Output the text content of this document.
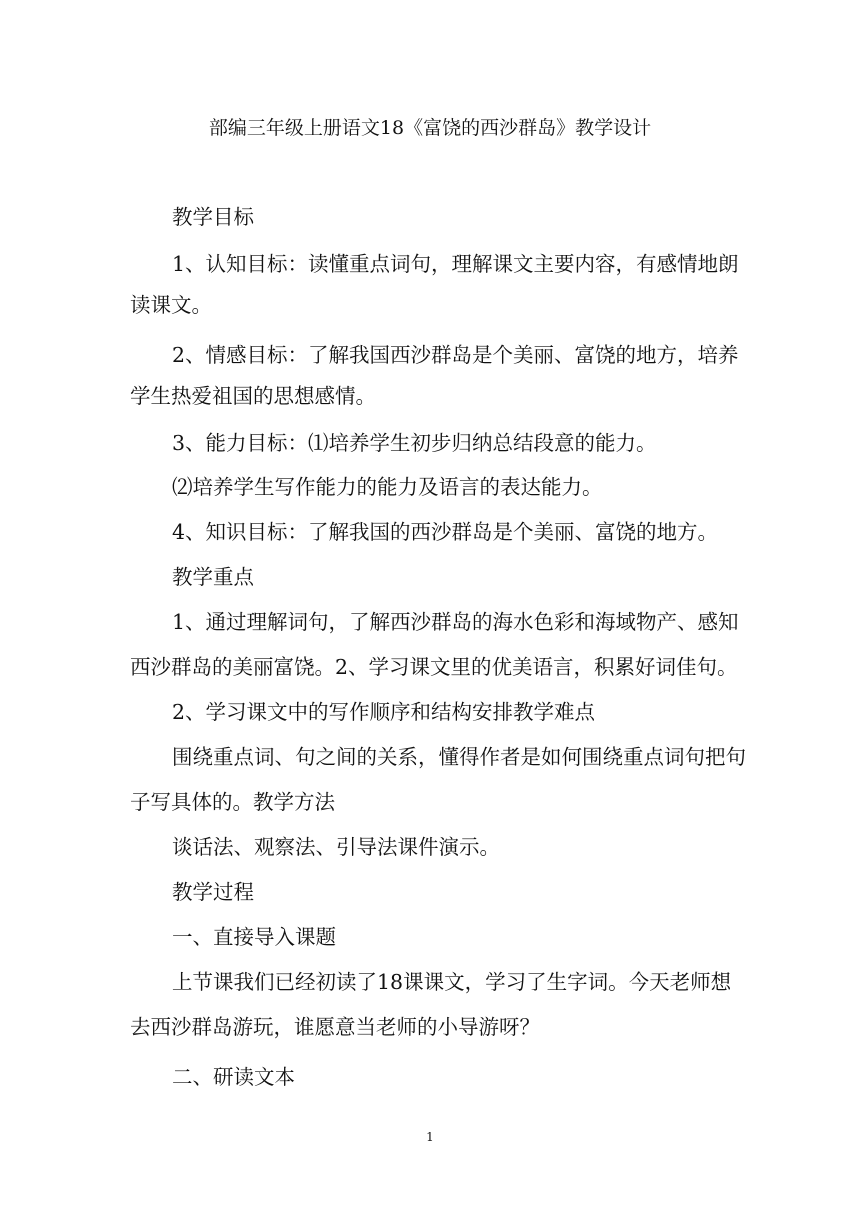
部编三年级上册语文18《富饶的西沙群岛》教学设计
教学目标
1、认知目标：读懂重点词句，理解课文主要内容，有感情地朗
读课文。
2、情感目标：了解我国西沙群岛是个美丽、富饶的地方，培养
学生热爱祖国的思想感情。
3、能力目标：⑴培养学生初步归纳总结段意的能力。
⑵培养学生写作能力的能力及语言的表达能力。
4、知识目标：了解我国的西沙群岛是个美丽、富饶的地方。
教学重点
1、通过理解词句，了解西沙群岛的海水色彩和海域物产、感知
西沙群岛的美丽富饶。2、学习课文里的优美语言，积累好词佳句。
2、学习课文中的写作顺序和结构安排教学难点
围绕重点词、句之间的关系，懂得作者是如何围绕重点词句把句
子写具体的。教学方法
谈话法、观察法、引导法课件演示。
教学过程
一、直接导入课题
上节课我们已经初读了18课课文，学习了生字词。今天老师想
去西沙群岛游玩，谁愿意当老师的小导游呀？
二、研读文本
1
